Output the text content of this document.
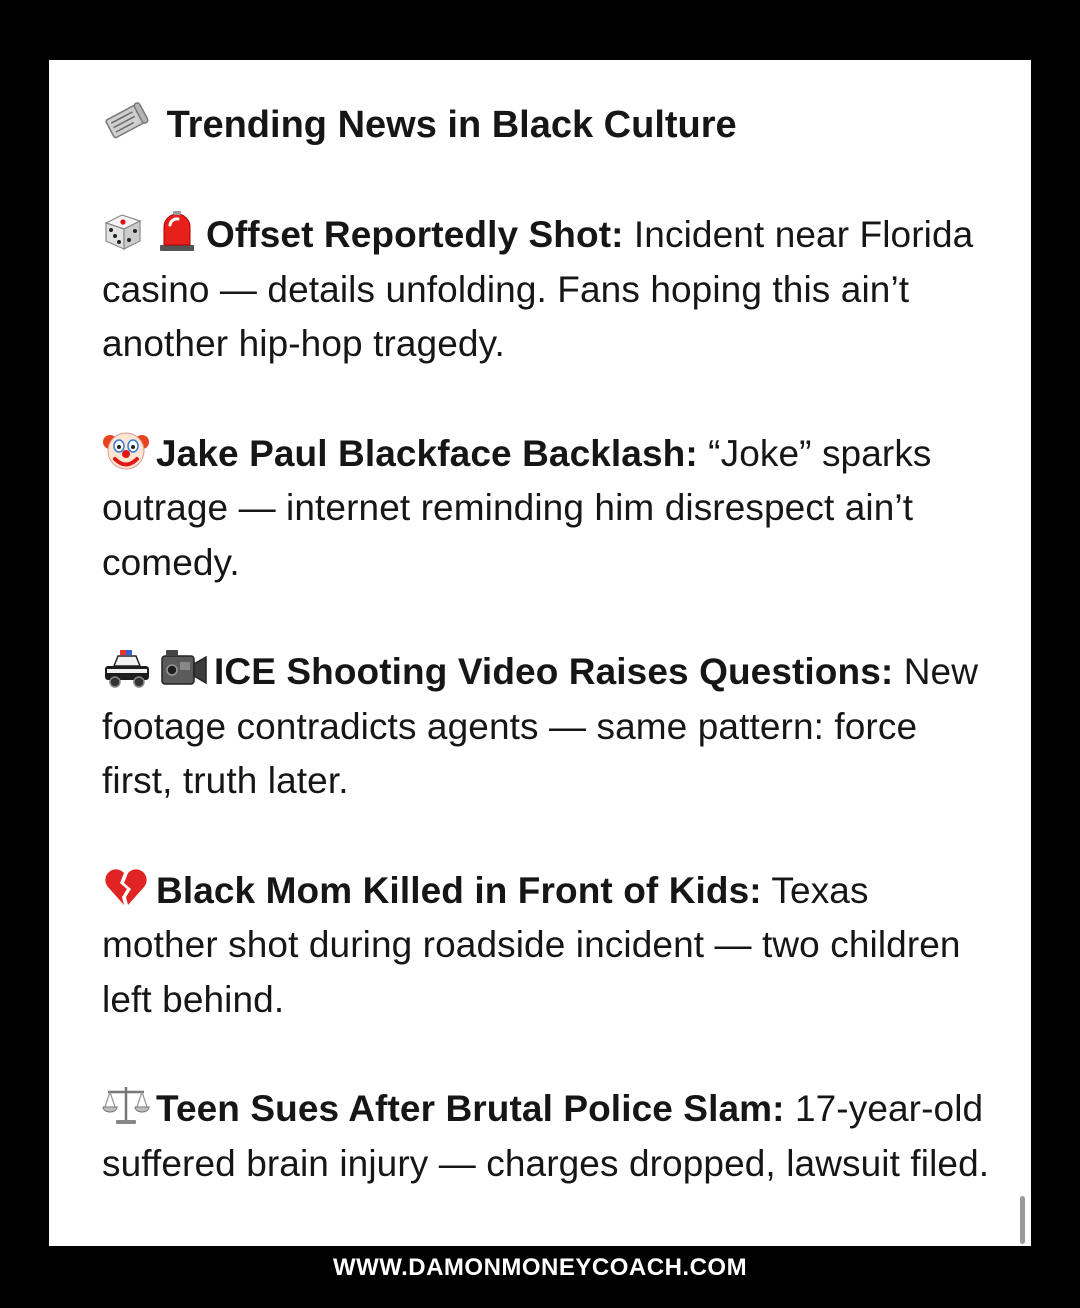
Trending News in Black Culture
Offset Reportedly Shot: Incident near Florida casino — details unfolding. Fans hoping this ain’t another hip-hop tragedy.
Jake Paul Blackface Backlash: “Joke” sparks outrage — internet reminding him disrespect ain’t comedy.
ICE Shooting Video Raises Questions: New footage contradicts agents — same pattern: force first, truth later.
Black Mom Killed in Front of Kids: Texas mother shot during roadside incident — two children left behind.
Teen Sues After Brutal Police Slam: 17-year-old suffered brain injury — charges dropped, lawsuit filed.
WWW.DAMONMONEYCOACH.COM
